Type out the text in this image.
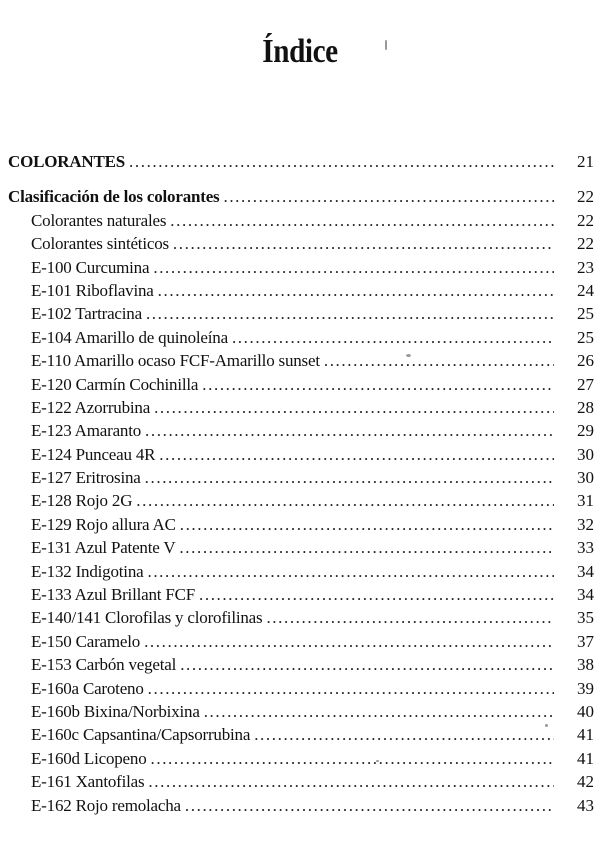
Índice
COLORANTES .....	21
Clasificación de los colorantes .....	22
Colorantes naturales .....	22
Colorantes sintéticos .....	22
E-100 Curcumina .....	23
E-101 Riboflavina .....	24
E-102 Tartracina .....	25
E-104 Amarillo de quinoleína .....	25
E-110 Amarillo ocaso FCF-Amarillo sunset .....	26
E-120 Carmín Cochinilla .....	27
E-122 Azorrubina .....	28
E-123 Amaranto .....	29
E-124 Punceau 4R .....	30
E-127 Eritrosina .....	30
E-128 Rojo 2G .....	31
E-129 Rojo allura AC .....	32
E-131 Azul Patente V .....	33
E-132 Indigotina .....	34
E-133 Azul Brillant FCF .....	34
E-140/141 Clorofilas y clorofilinas .....	35
E-150 Caramelo .....	37
E-153 Carbón vegetal .....	38
E-160a Caroteno .....	39
E-160b Bixina/Norbixina .....	40
E-160c Capsantina/Capsorrubina .....	41
E-160d Licopeno .....	41
E-161 Xantofilas .....	42
E-162 Rojo remolacha .....	43
